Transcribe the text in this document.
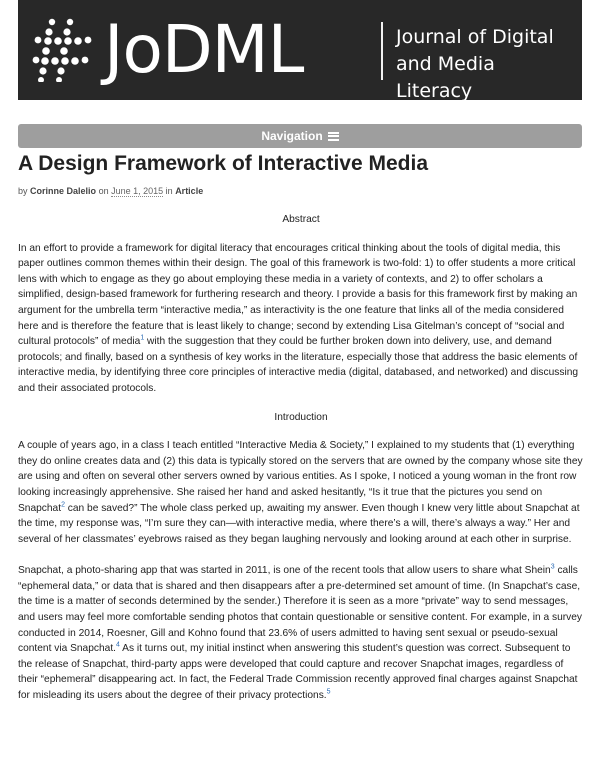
JoDML	Journal of Digital
and Media Literacy
Navigation
A Design Framework of Interactive Media
by Corinne Dalelio on June 1, 2015 in Article

Abstract

In an effort to provide a framework for digital literacy that encourages critical thinking about the tools of digital media, this paper outlines common themes within their design. The goal of this framework is two-fold: 1) to offer students a more critical lens with which to engage as they go about employing these media in a variety of contexts, and 2) to offer scholars a simplified, design-based framework for furthering research and theory. I provide a basis for this framework first by making an argument for the umbrella term “interactive media,” as interactivity is the one feature that links all of the media considered here and is therefore the feature that is least likely to change; second by extending Lisa Gitelman’s concept of “social and cultural protocols” of media$^1$ with the suggestion that they could be further broken down into delivery, use, and demand protocols; and finally, based on a synthesis of key works in the literature, especially those that address the basic elements of interactive media, by identifying three core principles of interactive media (digital, databased, and networked) and discussing and their associated protocols.

Introduction

A couple of years ago, in a class I teach entitled “Interactive Media & Society,” I explained to my students that (1) everything they do online creates data and (2) this data is typically stored on the servers that are owned by the company whose site they are using and often on several other servers owned by various entities. As I spoke, I noticed a young woman in the front row looking increasingly apprehensive. She raised her hand and asked hesitantly, “Is it true that the pictures you send on Snapchat$^2$ can be saved?” The whole class perked up, awaiting my answer. Even though I knew very little about Snapchat at the time, my response was, “I’m sure they can—with interactive media, where there’s a will, there’s always a way.” Her and several of her classmates’ eyebrows raised as they began laughing nervously and looking around at each other in surprise.

Snapchat, a photo-sharing app that was started in 2011, is one of the recent tools that allow users to share what Shein$^3$ calls “ephemeral data,” or data that is shared and then disappears after a pre-determined set amount of time. (In Snapchat’s case, the time is a matter of seconds determined by the sender.) Therefore it is seen as a more “private” way to send messages, and users may feel more comfortable sending photos that contain questionable or sensitive content. For example, in a survey conducted in 2014, Roesner, Gill and Kohno found that 23.6% of users admitted to having sent sexual or pseudo-sexual content via Snapchat.$^4$ As it turns out, my initial instinct when answering this student’s question was correct. Subsequent to the release of Snapchat, third-party apps were developed that could capture and recover Snapchat images, regardless of their “ephemeral” disappearing act. In fact, the Federal Trade Commission recently approved final charges against Snapchat for misleading its users about the degree of their privacy protections.$^5$
